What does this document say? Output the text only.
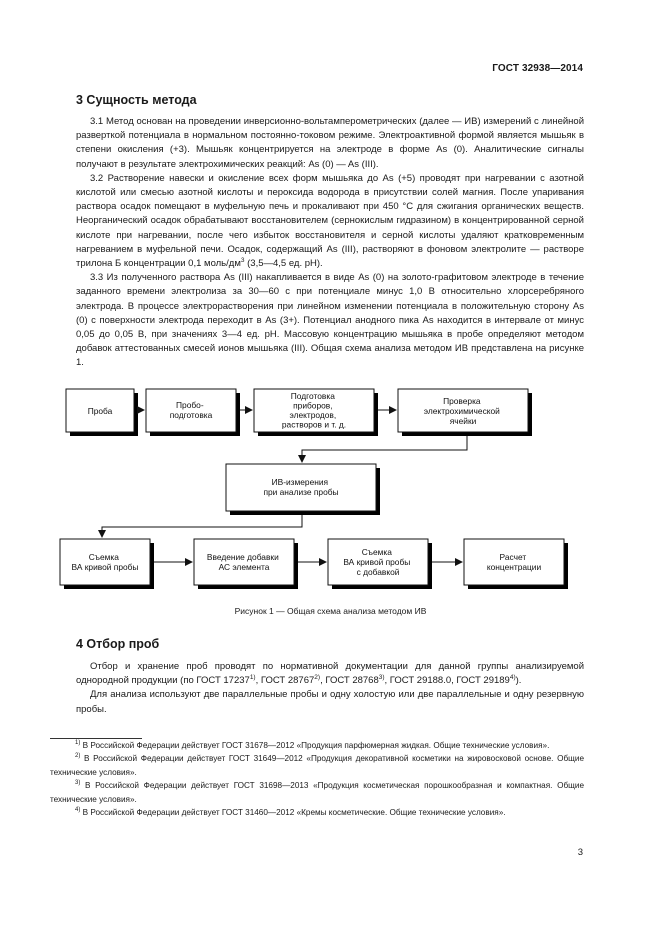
ГОСТ 32938—2014
3 Сущность метода

3.1 Метод основан на проведении инверсионно-вольтамперометрических (далее — ИВ) измерений с линейной разверткой потенциала в нормальном постоянно-токовом режиме. Электроактивной формой является мышьяк в степени окисления (+3). Мышьяк концентрируется на электроде в форме As (0). Аналитические сигналы получают в результате электрохимических реакций: As (0) — As (III).

3.2 Растворение навески и окисление всех форм мышьяка до As (+5) проводят при нагревании с азотной кислотой или смесью азотной кислоты и пероксида водорода в присутствии солей магния. После упаривания раствора осадок помещают в муфельную печь и прокаливают при 450 °С для сжигания органических веществ. Неорганический осадок обрабатывают восстановителем (сернокислым гидразином) в концентрированной серной кислоте при нагревании, после чего избыток восстановителя и серной кислоты удаляют кратковременным нагреванием в муфельной печи. Осадок, содержащий As (III), растворяют в фоновом электролите — растворе трилона Б концентрации 0,1 моль/$дм^3$ (3,5—4,5 ед. рН).

3.3 Из полученного раствора As (III) накапливается в виде As (0) на золото-графитовом электроде в течение заданного времени электролиза за 30—60 с при потенциале минус 1,0 В относительно хлорсеребряного электрода. В процессе электрорастворения при линейном изменении потенциала в положительную сторону As (0) с поверхности электрода переходит в As (3+). Потенциал анодного пика As находится в интервале от минус 0,05 до 0,05 В, при значениях 3—4 ед. рН. Массовую концентрацию мышьяка в пробе определяют методом добавок аттестованных смесей ионов мышьяка (III). Общая схема анализа методом ИВ представлена на рисунке 1.

Проба
Пробо- подготовка
Подготовка приборов, электродов, растворов и т. д.
Проверка электрохимической ячейки
ИВ-измерения при анализе пробы
Съемка ВА кривой пробы
Введение добавки АС элемента
Съемка ВА кривой пробы с добавкой
Расчет концентрации
Рисунок 1 — Общая схема анализа методом ИВ
4 Отбор проб

Отбор и хранение проб проводят по нормативной документации для данной группы анализируемой однородной продукции (по ГОСТ 17237$^{1)}$, ГОСТ 28767$^{2)}$, ГОСТ 28768$^{3)}$, ГОСТ 29188.0, ГОСТ 29189$^{4)}$).

Для анализа используют две параллельные пробы и одну холостую или две параллельные и одну резервную пробы.

$^{1)}$ В Российской Федерации действует ГОСТ 31678—2012 «Продукция парфюмерная жидкая. Общие технические условия».

$^{2)}$ В Российской Федерации действует ГОСТ 31649—2012 «Продукция декоративной косметики на жировосковой основе. Общие технические условия».

$^{3)}$ В Российской Федерации действует ГОСТ 31698—2013 «Продукция косметическая порошкообразная и компактная. Общие технические условия».

$^{4)}$ В Российской Федерации действует ГОСТ 31460—2012 «Кремы косметические. Общие технические условия».

3
